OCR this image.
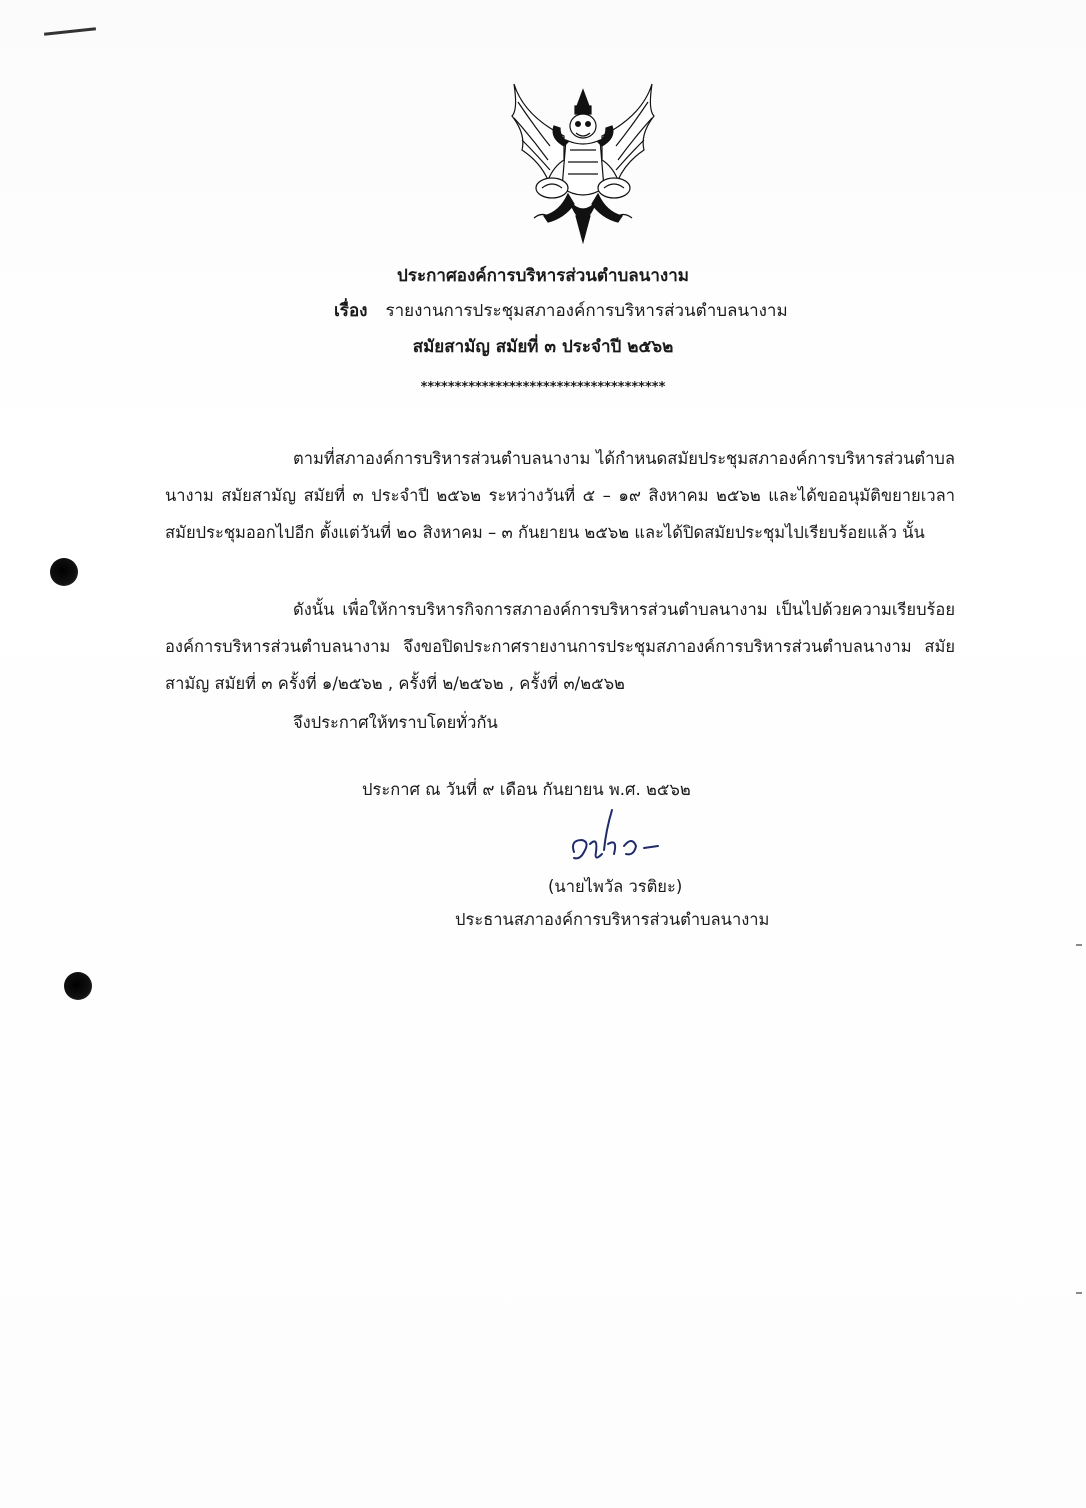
ประกาศองค์การบริหารส่วนตำบลนางาม
เรื่อง รายงานการประชุมสภาองค์การบริหารส่วนตำบลนางาม
สมัยสามัญ สมัยที่ ๓ ประจำปี ๒๕๖๒
************************************
ตามที่สภาองค์การบริหารส่วนตำบลนางาม ได้กำหนดสมัยประชุมสภาองค์การบริหารส่วนตำบลนางาม สมัยสามัญ สมัยที่ ๓ ประจำปี ๒๕๖๒ ระหว่างวันที่ ๕ – ๑๙ สิงหาคม ๒๕๖๒ และได้ขออนุมัติขยายเวลาสมัยประชุมออกไปอีก ตั้งแต่วันที่ ๒๐ สิงหาคม – ๓ กันยายน ๒๕๖๒ และได้ปิดสมัยประชุมไปเรียบร้อยแล้ว นั้น
ดังนั้น เพื่อให้การบริหารกิจการสภาองค์การบริหารส่วนตำบลนางาม เป็นไปด้วยความเรียบร้อย องค์การบริหารส่วนตำบลนางาม จึงขอปิดประกาศรายงานการประชุมสภาองค์การบริหารส่วนตำบลนางาม สมัยสามัญ สมัยที่ ๓ ครั้งที่ ๑/๒๕๖๒ , ครั้งที่ ๒/๒๕๖๒ , ครั้งที่ ๓/๒๕๖๒
จึงประกาศให้ทราบโดยทั่วกัน
ประกาศ ณ วันที่ ๙ เดือน กันยายน พ.ศ. ๒๕๖๒
(นายไพวัล วรติยะ)
ประธานสภาองค์การบริหารส่วนตำบลนางาม
